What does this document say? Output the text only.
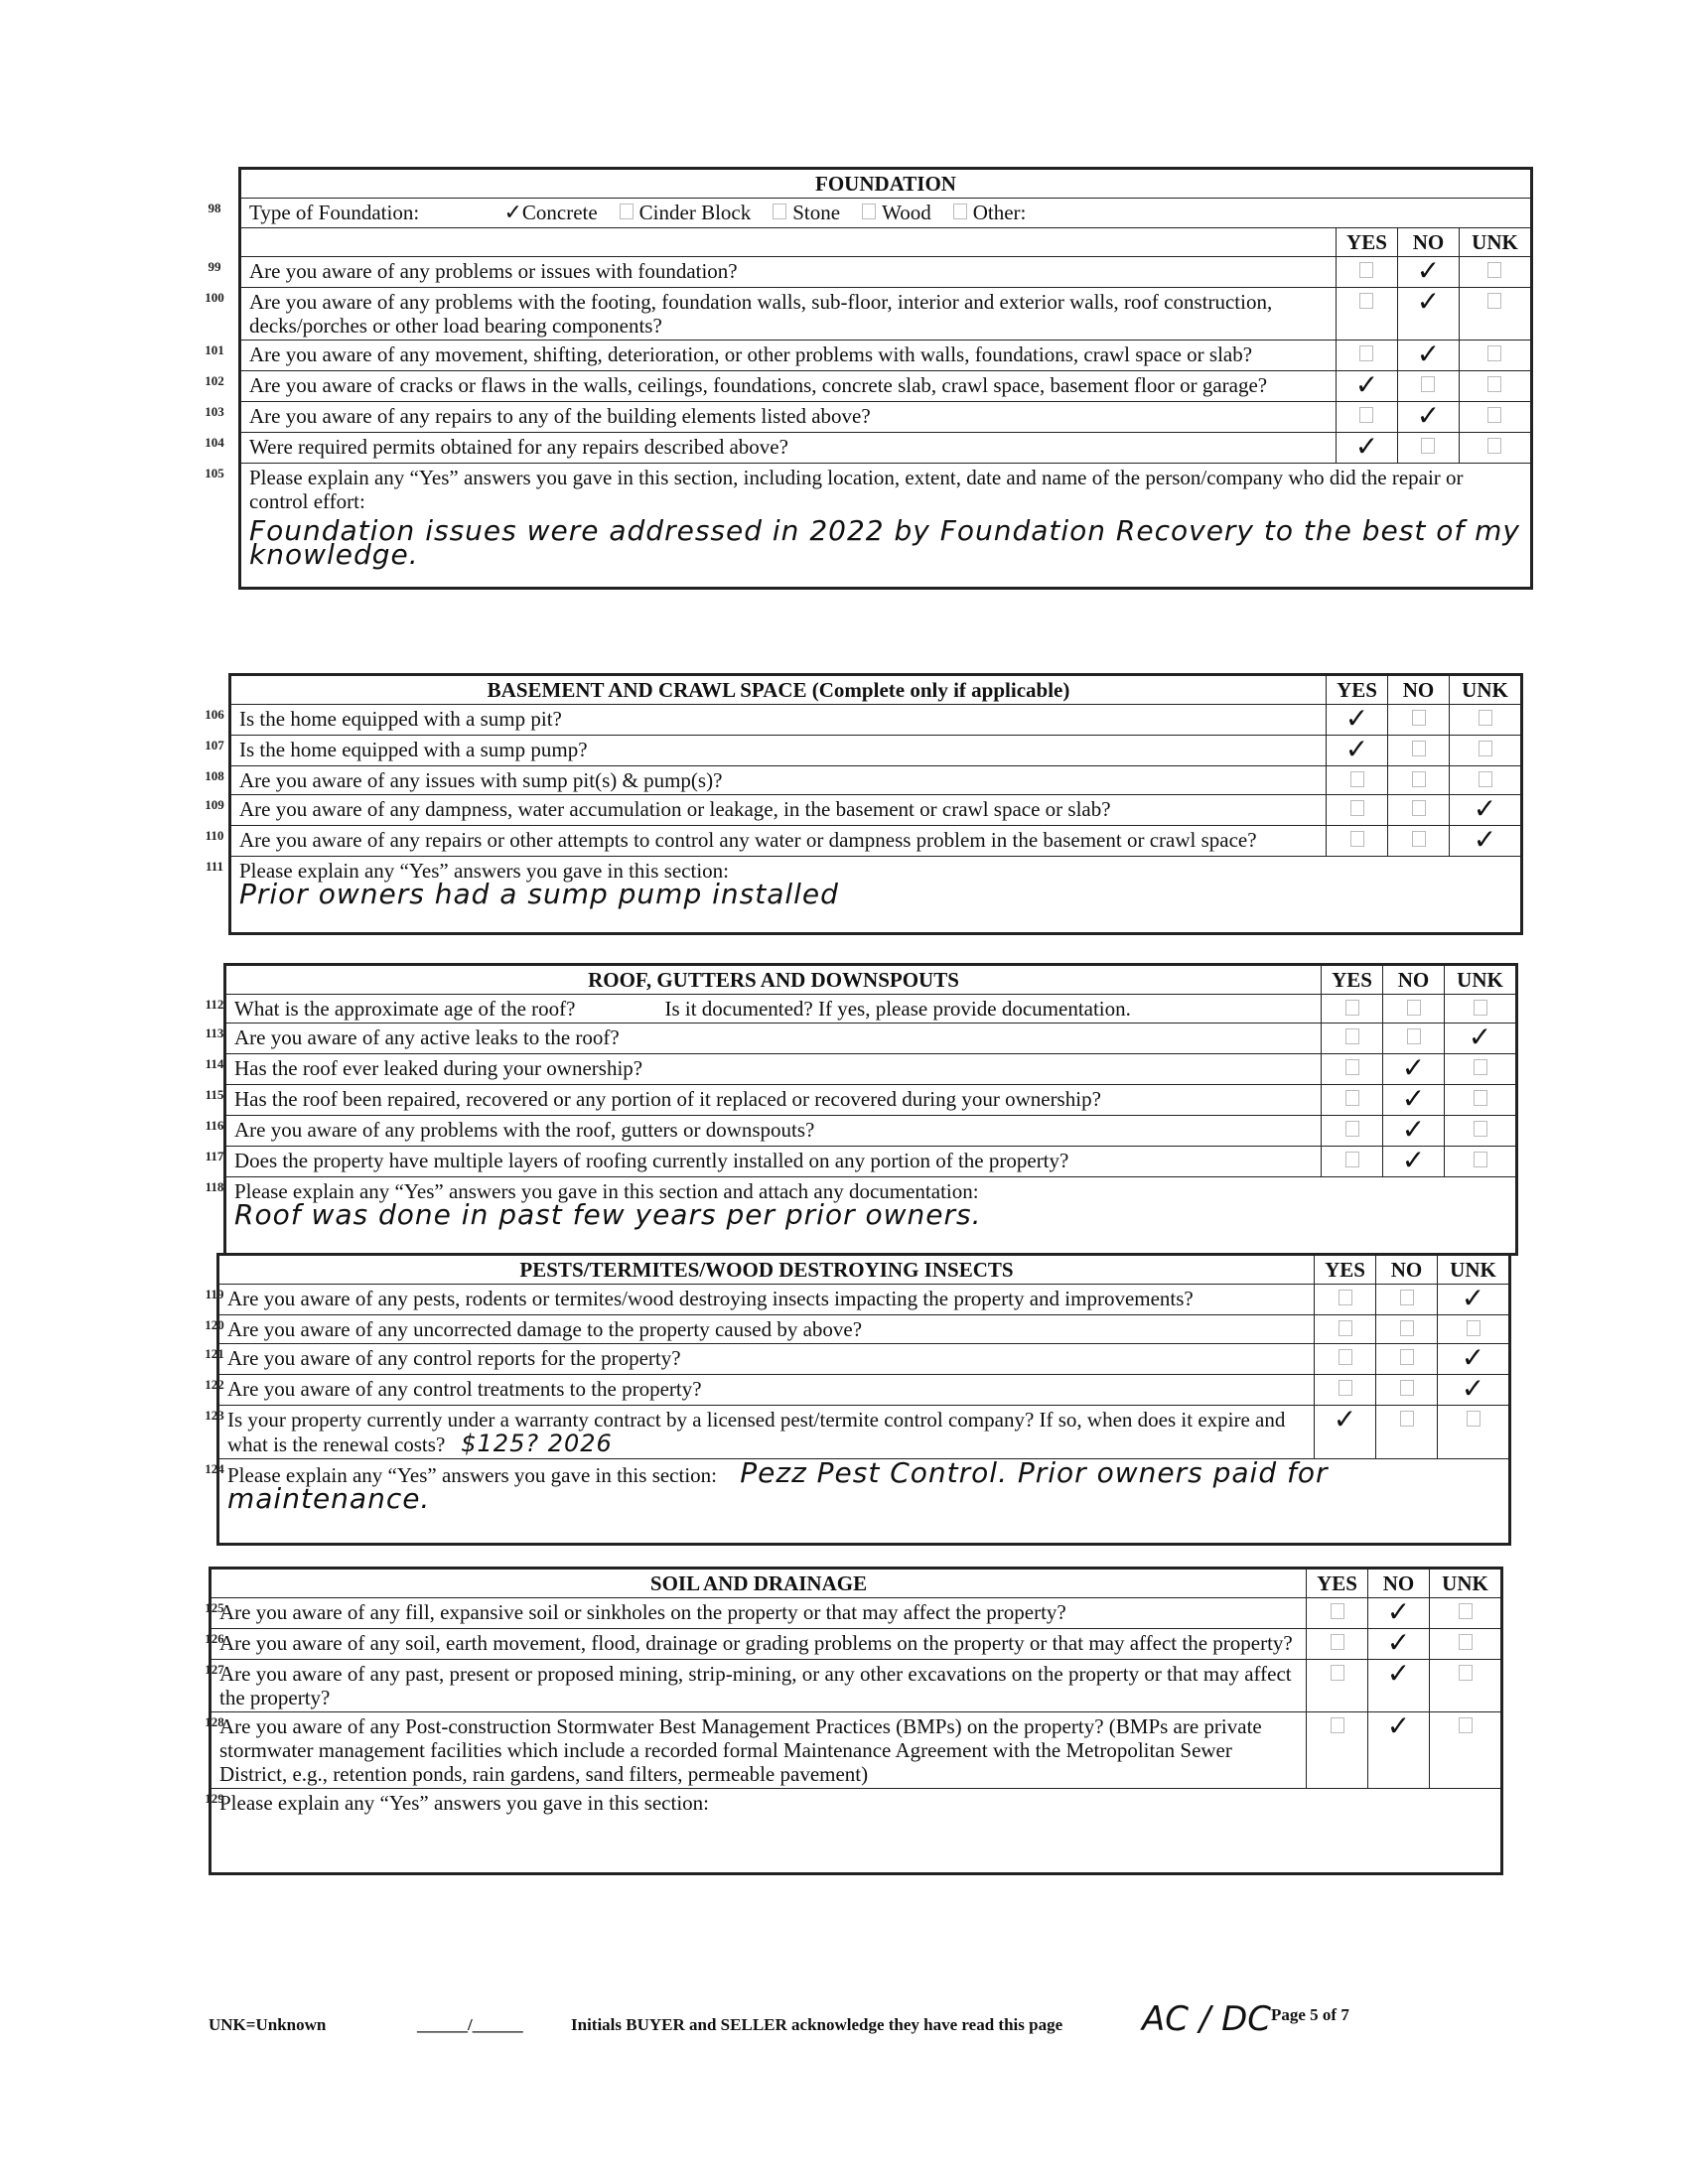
FOUNDATION			
Type of Foundation: ✓Concrete Cinder Block Stone Wood Other:			
	YES	NO	UNK
Are you aware of any problems or issues with foundation?		✓	
Are you aware of any problems with the footing, foundation walls, sub-floor, interior and exterior walls, roof construction, decks/porches or other load bearing components?		✓	
Are you aware of any movement, shifting, deterioration, or other problems with walls, foundations, crawl space or slab?		✓	
Are you aware of cracks or flaws in the walls, ceilings, foundations, concrete slab, crawl space, basement floor or garage?	✓		
Are you aware of any repairs to any of the building elements listed above?		✓	
Were required permits obtained for any repairs described above?	✓		

Please explain any “Yes” answers you gave in this section, including location, extent, date and name of the person/company who did the repair or control effort:
Foundation issues were addressed in 2022 by Foundation Recovery to the best of my knowledge.			
BASEMENT AND CRAWL SPACE (Complete only if applicable)	YES	NO	UNK
Is the home equipped with a sump pit?	✓		
Is the home equipped with a sump pump?	✓		
Are you aware of any issues with sump pit(s) & pump(s)?			
Are you aware of any dampness, water accumulation or leakage, in the basement or crawl space or slab?			✓
Are you aware of any repairs or other attempts to control any water or dampness problem in the basement or crawl space?			✓

Please explain any “Yes” answers you gave in this section:
Prior owners had a sump pump installed			
ROOF, GUTTERS AND DOWNSPOUTS	YES	NO	UNK
What is the approximate age of the roof? Is it documented? If yes, please provide documentation.			
Are you aware of any active leaks to the roof?			✓
Has the roof ever leaked during your ownership?		✓	
Has the roof been repaired, recovered or any portion of it replaced or recovered during your ownership?		✓	
Are you aware of any problems with the roof, gutters or downspouts?		✓	
Does the property have multiple layers of roofing currently installed on any portion of the property?		✓	

Please explain any “Yes” answers you gave in this section and attach any documentation:
Roof was done in past few years per prior owners.			
PESTS/TERMITES/WOOD DESTROYING INSECTS	YES	NO	UNK
Are you aware of any pests, rodents or termites/wood destroying insects impacting the property and improvements?			✓
Are you aware of any uncorrected damage to the property caused by above?			
Are you aware of any control reports for the property?			✓
Are you aware of any control treatments to the property?			✓
Is your property currently under a warranty contract by a licensed pest/termite control company? If so, when does it expire and what is the renewal costs? $125? 2026	✓		
Please explain any “Yes” answers you gave in this section: Pezz Pest Control. Prior owners paid for maintenance.			
SOIL AND DRAINAGE	YES	NO	UNK
Are you aware of any fill, expansive soil or sinkholes on the property or that may affect the property?		✓	
Are you aware of any soil, earth movement, flood, drainage or grading problems on the property or that may affect the property?		✓	
Are you aware of any past, present or proposed mining, strip-mining, or any other excavations on the property or that may affect the property?		✓	
Are you aware of any Post-construction Stormwater Best Management Practices (BMPs) on the property? (BMPs are private stormwater management facilities which include a recorded formal Maintenance Agreement with the Metropolitan Sewer District, e.g., retention ponds, rain gardens, sand filters, permeable pavement)		✓	

Please explain any “Yes” answers you gave in this section:			
98
99
100
101
102
103
104
105
106
107
108
109
110
111
112
113
114
115
116
117
118
119
120
121
122
123
124
125
126
127
128
129
UNK=Unknown	______/______	Initials BUYER and SELLER acknowledge they have read this page AC / DC Page 5 of 7
